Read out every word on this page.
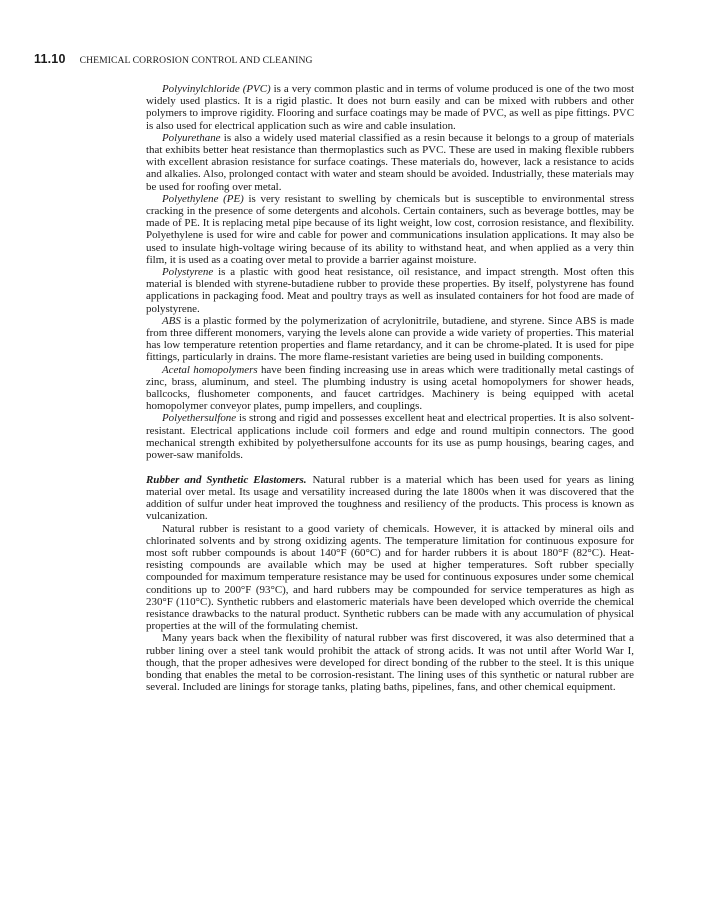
11.10 CHEMICAL CORROSION CONTROL AND CLEANING

Polyvinylchloride (PVC) is a very common plastic and in terms of volume produced is one of the two most widely used plastics. It is a rigid plastic. It does not burn easily and can be mixed with rubbers and other polymers to improve rigidity. Flooring and surface coatings may be made of PVC, as well as pipe fittings. PVC is also used for electrical application such as wire and cable insulation.

Polyurethane is also a widely used material classified as a resin because it belongs to a group of materials that exhibits better heat resistance than thermoplastics such as PVC. These are used in making flexible rubbers with excellent abrasion resistance for surface coatings. These materials do, however, lack a resistance to acids and alkalies. Also, prolonged contact with water and steam should be avoided. Industrially, these materials may be used for roofing over metal.

Polyethylene (PE) is very resistant to swelling by chemicals but is susceptible to environmental stress cracking in the presence of some detergents and alcohols. Certain containers, such as beverage bottles, may be made of PE. It is replacing metal pipe because of its light weight, low cost, corrosion resistance, and flexibility. Polyethylene is used for wire and cable for power and communications insulation applications. It may also be used to insulate high-voltage wiring because of its ability to withstand heat, and when applied as a very thin film, it is used as a coating over metal to provide a barrier against moisture.

Polystyrene is a plastic with good heat resistance, oil resistance, and impact strength. Most often this material is blended with styrene-butadiene rubber to provide these properties. By itself, polystyrene has found applications in packaging food. Meat and poultry trays as well as insulated containers for hot food are made of polystyrene.

ABS is a plastic formed by the polymerization of acrylonitrile, butadiene, and styrene. Since ABS is made from three different monomers, varying the levels alone can provide a wide variety of properties. This material has low temperature retention properties and flame retardancy, and it can be chrome-plated. It is used for pipe fittings, particularly in drains. The more flame-resistant varieties are being used in building components.

Acetal homopolymers have been finding increasing use in areas which were traditionally metal castings of zinc, brass, aluminum, and steel. The plumbing industry is using acetal homopolymers for shower heads, ballcocks, flushometer components, and faucet cartridges. Machinery is being equipped with acetal homopolymer conveyor plates, pump impellers, and couplings.

Polyethersulfone is strong and rigid and possesses excellent heat and electrical properties. It is also solvent-resistant. Electrical applications include coil formers and edge and round multipin connectors. The good mechanical strength exhibited by polyethersulfone accounts for its use as pump housings, bearing cages, and power-saw manifolds.

Rubber and Synthetic Elastomers. Natural rubber is a material which has been used for years as lining material over metal. Its usage and versatility increased during the late 1800s when it was discovered that the addition of sulfur under heat improved the toughness and resiliency of the products. This process is known as vulcanization.

Natural rubber is resistant to a good variety of chemicals. However, it is attacked by mineral oils and chlorinated solvents and by strong oxidizing agents. The temperature limitation for continuous exposure for most soft rubber compounds is about 140°F (60°C) and for harder rubbers it is about 180°F (82°C). Heat-resisting compounds are available which may be used at higher temperatures. Soft rubber specially compounded for maximum temperature resistance may be used for continuous exposures under some chemical conditions up to 200°F (93°C), and hard rubbers may be compounded for service temperatures as high as 230°F (110°C). Synthetic rubbers and elastomeric materials have been developed which override the chemical resistance drawbacks to the natural product. Synthetic rubbers can be made with any accumulation of physical properties at the will of the formulating chemist.

Many years back when the flexibility of natural rubber was first discovered, it was also determined that a rubber lining over a steel tank would prohibit the attack of strong acids. It was not until after World War I, though, that the proper adhesives were developed for direct bonding of the rubber to the steel. It is this unique bonding that enables the metal to be corrosion-resistant. The lining uses of this synthetic or natural rubber are several. Included are linings for storage tanks, plating baths, pipelines, fans, and other chemical equipment.
